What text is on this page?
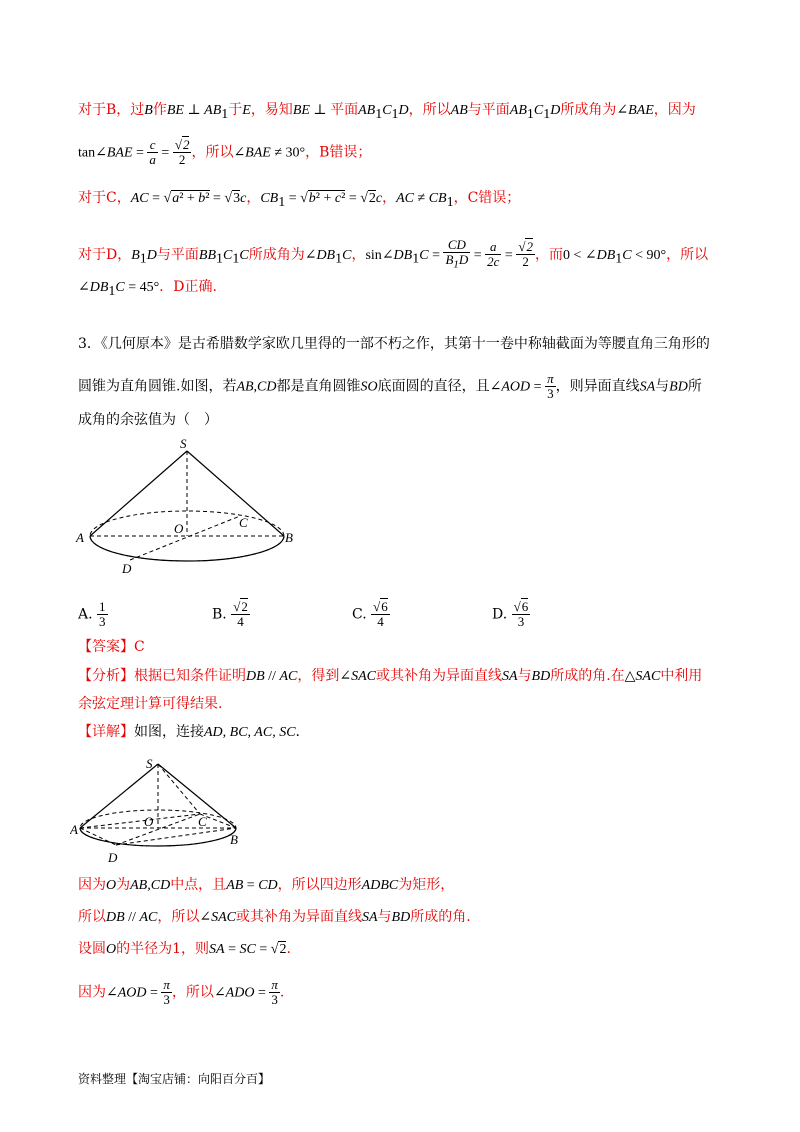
对于B，过B作BE ⊥ $AB_1$于E，易知BE ⊥ 平面$AB_1C_1D$，所以AB与平面$AB_1C_1D$所成角为∠BAE，因为
tan∠BAE = $\frac{c}{a} = \frac{√2}{2}$ ，所以∠BAE ≠ 30°，B错误；
对于C，AC = √a² + b² = √3c，$CB_1 = √b^2 + c^2 = √2c$，AC ≠ $CB_1$，C错误；
对于D，$B_1D$与平面$BB_1C_1C$所成角为$\angle DB_1C$，$\sin\angle DB_1C = \frac{CD}{B_1D} = \frac{a}{2c} = \frac{√2}{2}$ ，而$0 < \angle DB_1C < 90^\circ$，所以
$\angle DB_1C = 45^\circ$．D正确.
3．《几何原本》是古希腊数学家欧几里得的一部不朽之作，其第十一卷中称轴截面为等腰直角三角形的
圆锥为直角圆锥.如图，若AB,CD都是直角圆锥SO底面圆的直径，且∠AOD = $\frac{\pi}{3}$ ，则异面直线SA与BD所
成角的余弦值为（　）
S
O
A	B
C
D
A. $\frac{1}{3}$	B. $\frac{√2}{4}$	C. $\frac{√6}{4}$	D. $\frac{√6}{3}$
【答案】C
【分析】根据已知条件证明DB // AC，得到∠SAC或其补角为异面直线SA与BD所成的角.在△SAC中利用
余弦定理计算可得结果.
【详解】如图，连接AD, BC, AC, SC.
S
O
A
B
C
D
因为O为AB,CD中点，且AB = CD，所以四边形ADBC为矩形，
所以DB // AC，所以∠SAC或其补角为异面直线SA与BD所成的角.
设圆O的半径为1，则SA = SC = √2.
因为∠AOD = $\frac{\pi}{3}$ ，所以∠ADO = $\frac{\pi}{3}$ .
资料整理【淘宝店铺：向阳百分百】
